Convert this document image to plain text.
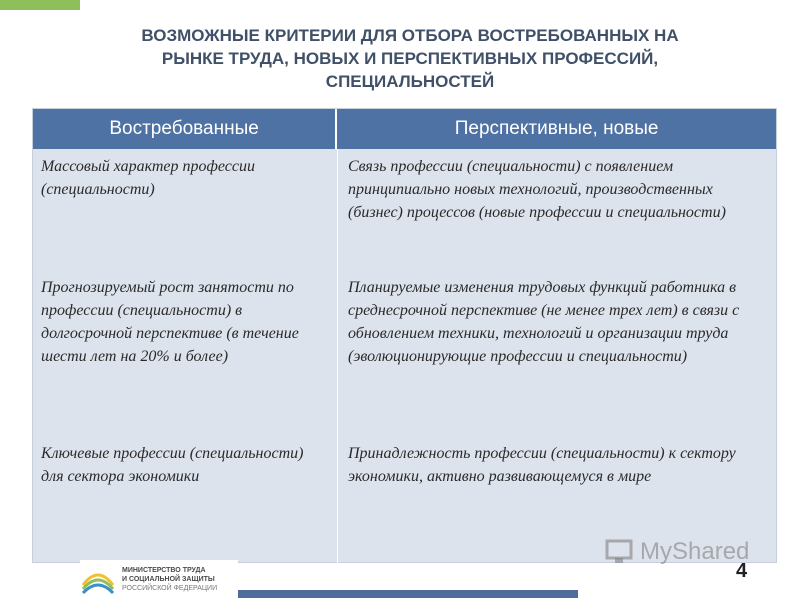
ВОЗМОЖНЫЕ КРИТЕРИИ ДЛЯ ОТБОРА ВОСТРЕБОВАННЫХ НА
РЫНКЕ ТРУДА, НОВЫХ И ПЕРСПЕКТИВНЫХ ПРОФЕССИЙ,
СПЕЦИАЛЬНОСТЕЙ
Востребованные	Перспективные, новые
Массовый характер профессии (специальности)
Прогнозируемый рост занятости по профессии (специальности) в долгосрочной перспективе (в течение шести лет на 20% и более)
Ключевые профессии (специальности) для сектора экономики
Связь профессии (специальности) с появлением принципиально новых технологий, производственных (бизнес) процессов (новые профессии и специальности)
Планируемые изменения трудовых функций работника в среднесрочной перспективе (не менее трех лет) в связи с обновлением техники, технологий и организации труда (эволюционирующие профессии и специальности)
Принадлежность профессии (специальности) к сектору экономики, активно развивающемуся в мире
MyShared
МИНИСТЕРСТВО ТРУДА
И СОЦИАЛЬНОЙ ЗАЩИТЫ
РОССИЙСКОЙ ФЕДЕРАЦИИ
4
